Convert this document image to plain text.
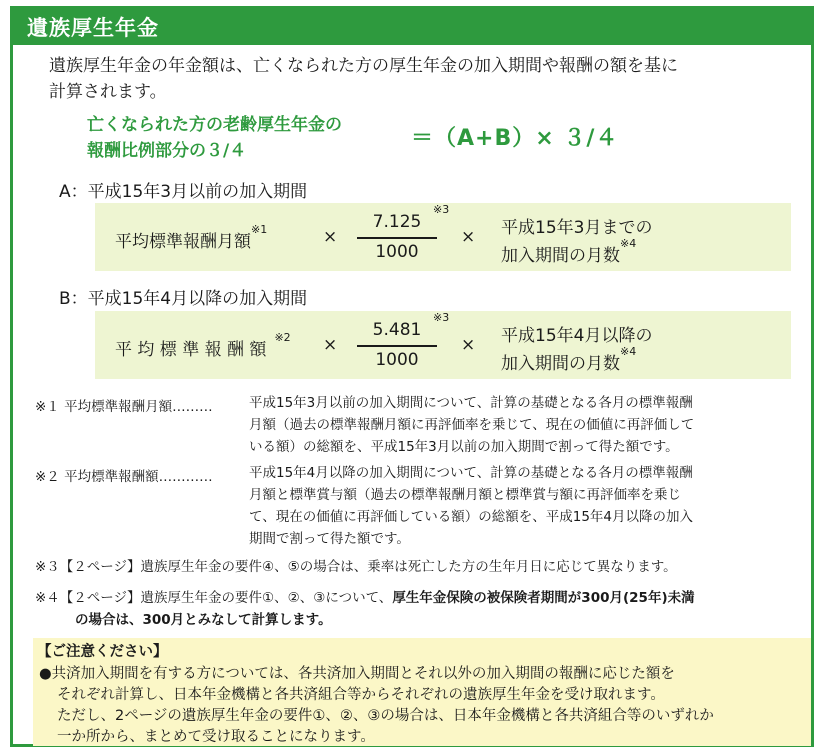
遺族厚生年金
遺族厚生年金の年金額は、亡くなられた方の厚生年金の加入期間や報酬の額を基に
計算されます。
亡くなられた方の老齢厚生年金の
報酬比例部分の３/４	＝（A+B）× ３/４
A：平成15年3月以前の加入期間
平均標準報酬月額$^{※1}$	×
7.125
$^{※3}$
1000
× 平成15年3月までの
加入期間の月数$^{※4}$
B：平成15年4月以降の加入期間
平 均 標 準 報 酬 額$^{※2}$ ×
5.481
$^{※3}$
1000
× 平成15年4月以降の
加入期間の月数$^{※4}$
※１ 平均標準報酬月額………	平成15年3月以前の加入期間について、計算の基礎となる各月の標準報酬
月額（過去の標準報酬月額に再評価率を乗じて、現在の価値に再評価して
いる額）の総額を、平成15年3月以前の加入期間で割って得た額です。
※２ 平均標準報酬額…………	平成15年4月以降の加入期間について、計算の基礎となる各月の標準報酬
月額と標準賞与額（過去の標準報酬月額と標準賞与額に再評価率を乗じ
て、現在の価値に再評価している額）の総額を、平成15年4月以降の加入
期間で割って得た額です。
※３【２ページ】遺族厚生年金の要件④、⑤の場合は、乗率は死亡した方の生年月日に応じて異なります。
※４【２ページ】遺族厚生年金の要件①、②、③について、厚生年金保険の被保険者期間が300月(25年)未満
の場合は、300月とみなして計算します。
【ご注意ください】
●共済加入期間を有する方については、各共済加入期間とそれ以外の加入期間の報酬に応じた額を
それぞれ計算し、日本年金機構と各共済組合等からそれぞれの遺族厚生年金を受け取れます。
ただし、2ページの遺族厚生年金の要件①、②、③の場合は、日本年金機構と各共済組合等のいずれか
一か所から、まとめて受け取ることになります。
